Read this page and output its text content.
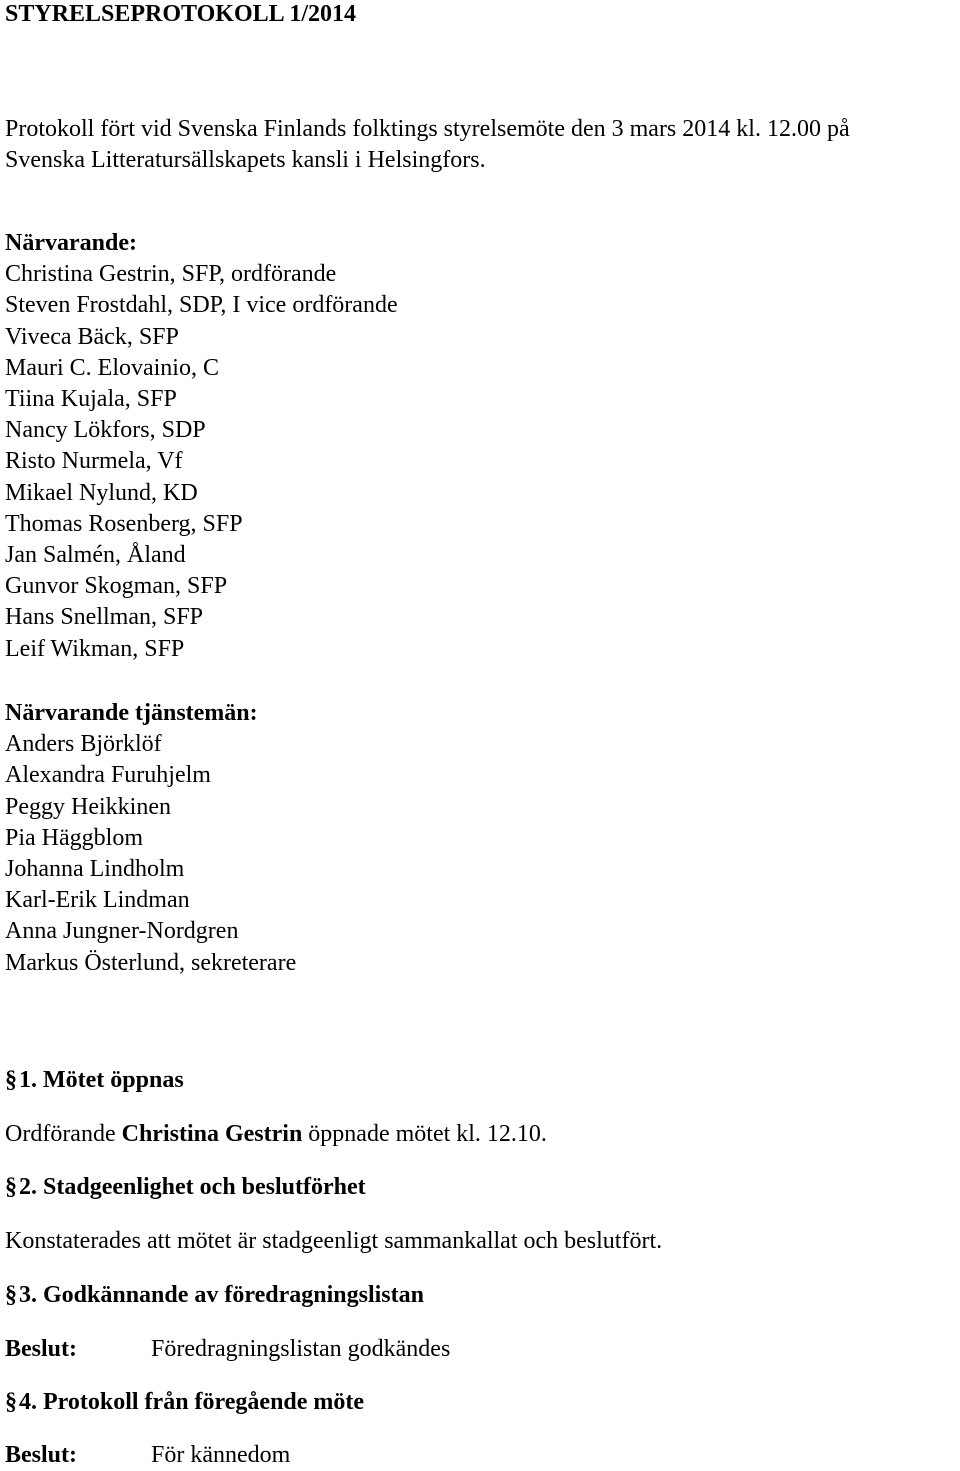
STYRELSEPROTOKOLL 1/2014
Protokoll fört vid Svenska Finlands folktings styrelsemöte den 3 mars 2014 kl. 12.00 på
Svenska Litteratursällskapets kansli i Helsingfors.
Närvarande:
Christina Gestrin, SFP, ordförande
Steven Frostdahl, SDP, I vice ordförande
Viveca Bäck, SFP
Mauri C. Elovainio, C
Tiina Kujala, SFP
Nancy Lökfors, SDP
Risto Nurmela, Vf
Mikael Nylund, KD
Thomas Rosenberg, SFP
Jan Salmén, Åland
Gunvor Skogman, SFP
Hans Snellman, SFP
Leif Wikman, SFP
Närvarande tjänstemän:
Anders Björklöf
Alexandra Furuhjelm
Peggy Heikkinen
Pia Häggblom
Johanna Lindholm
Karl-Erik Lindman
Anna Jungner-Nordgren
Markus Österlund, sekreterare
§1. Mötet öppnas
Ordförande Christina Gestrin öppnade mötet kl. 12.10.
§2. Stadgeenlighet och beslutförhet
Konstaterades att mötet är stadgeenligt sammankallat och beslutfört.
§3. Godkännande av föredragningslistan
Beslut:	Föredragningslistan godkändes
§4. Protokoll från föregående möte
Beslut:	För kännedom
